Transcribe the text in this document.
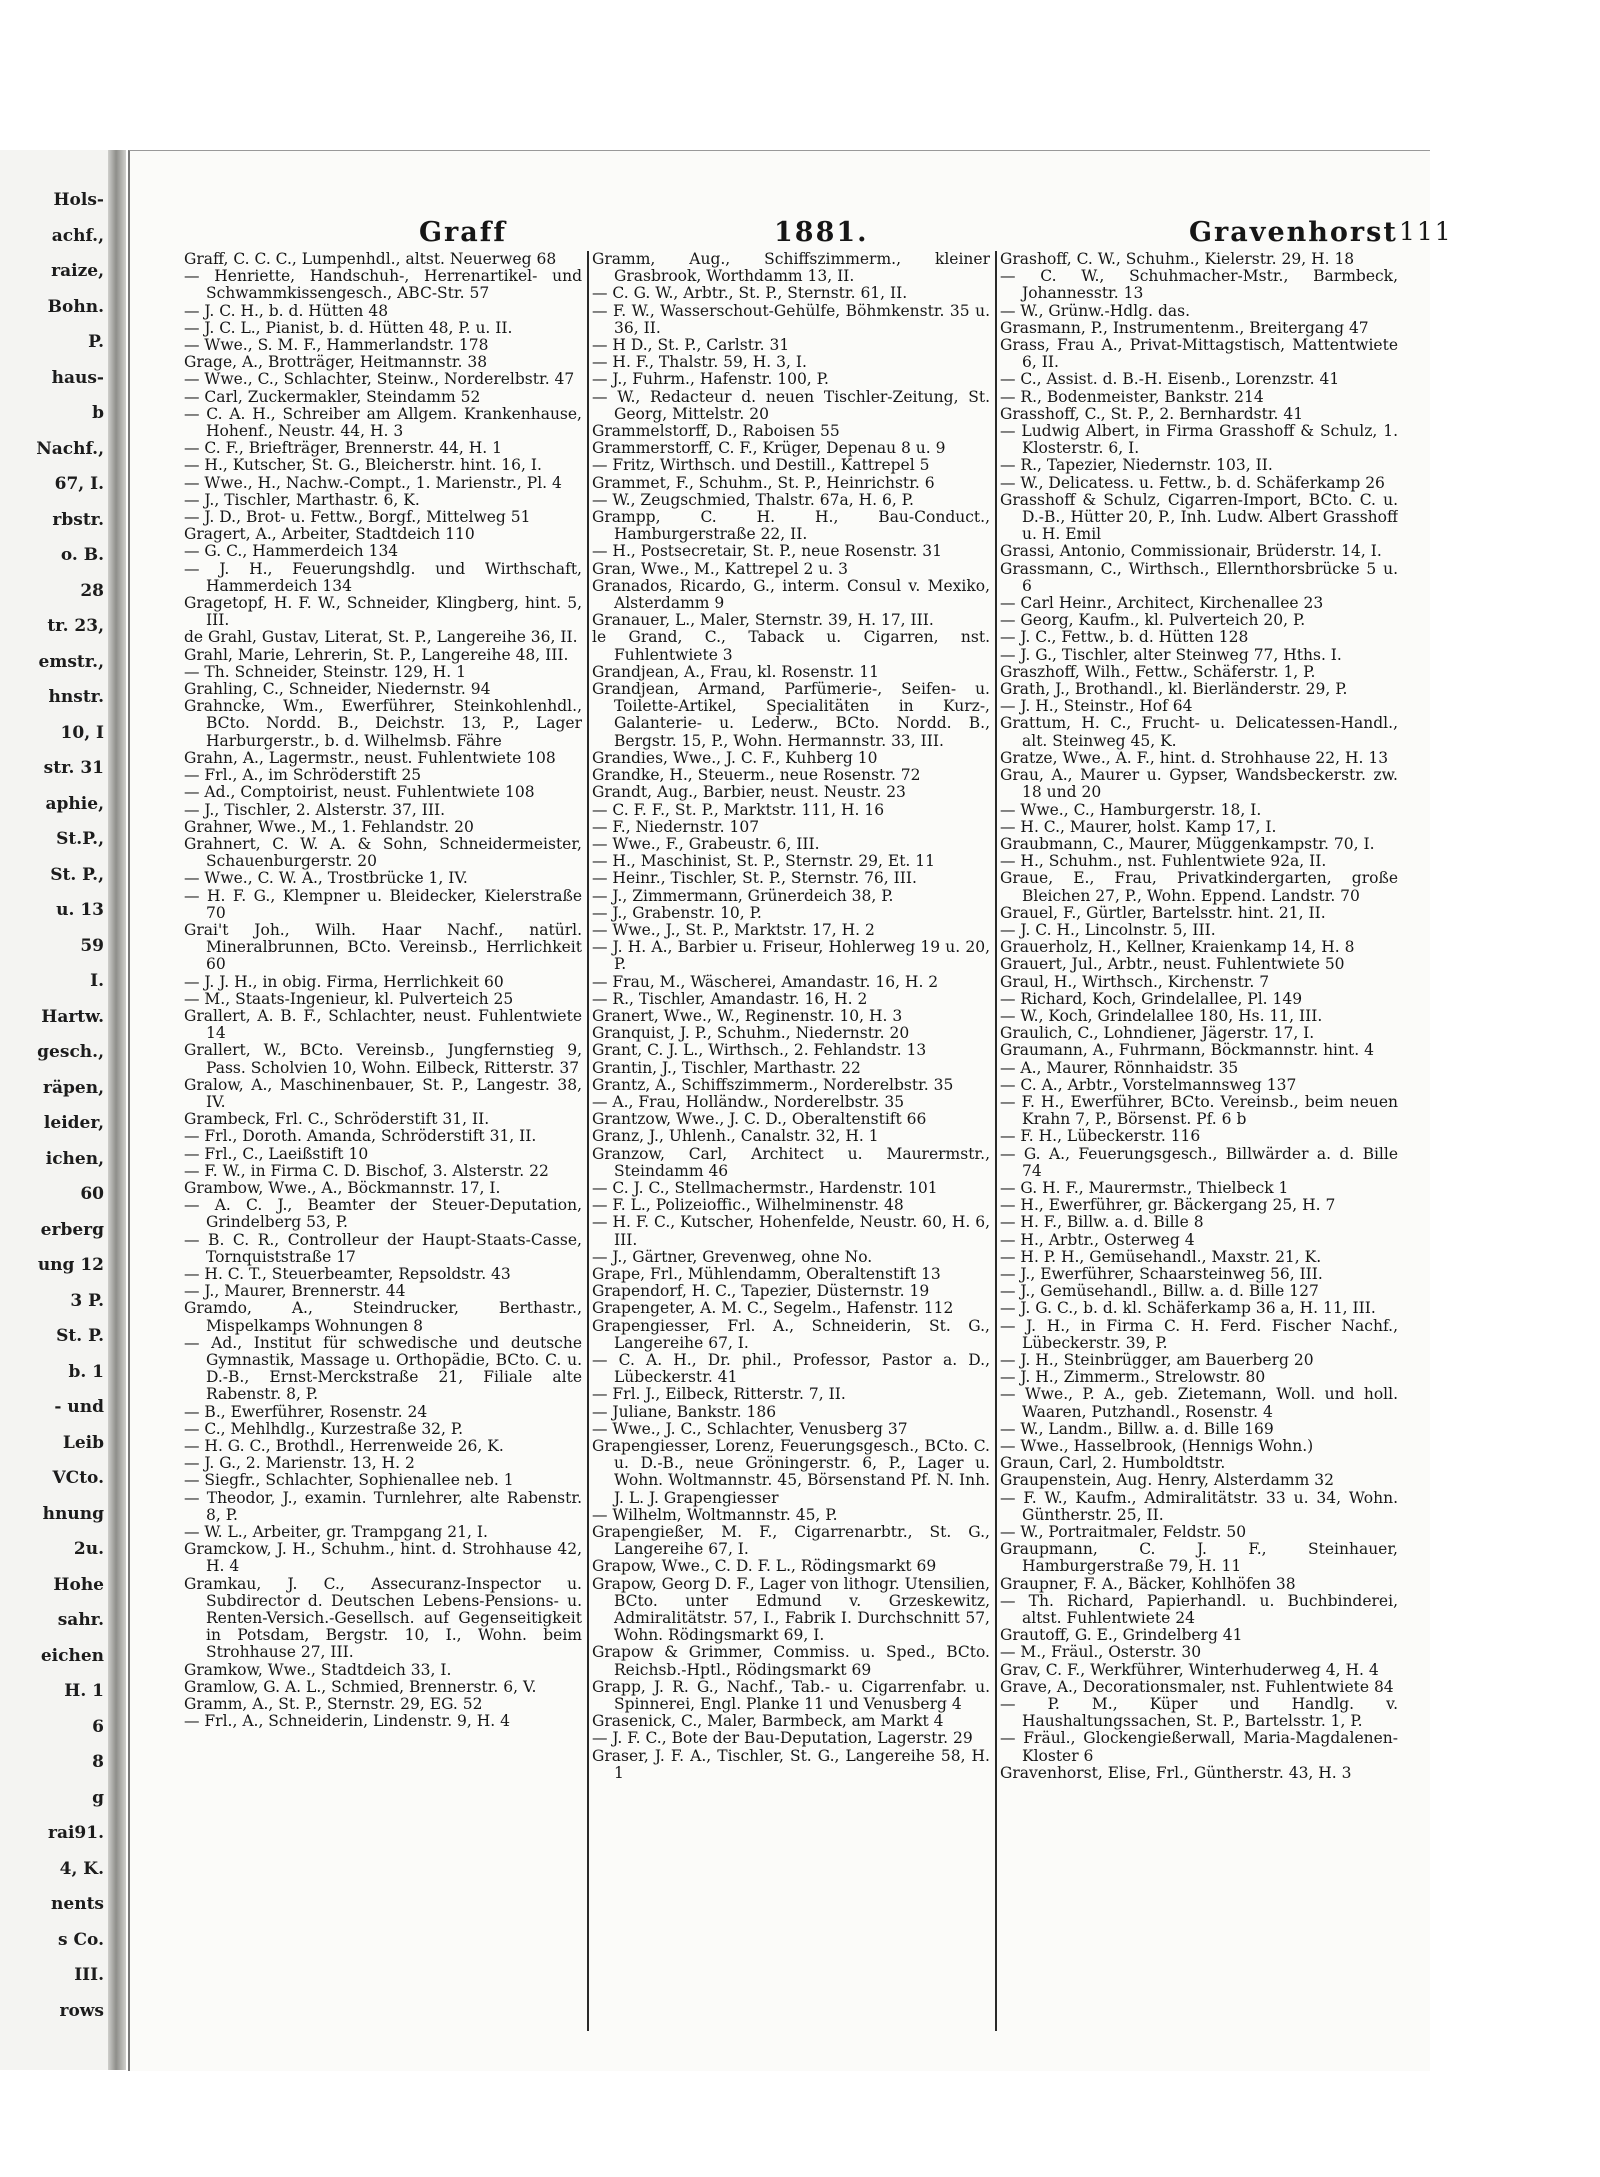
Hols-
achf.,
raize,
Bohn.
P.
haus-
b
Nachf.,
67, I.
rbstr.
o. B.
28
tr. 23,
emstr.,
hnstr.
10, I
str. 31
aphie,
St.P.,
St. P.,
u. 13
59
I.
Hartw.
gesch.,
räpen,
leider,
ichen,
60
erberg
ung 12
3 P.
St. P.
b. 1
- und
Leib
VCto.
hnung
2u.
Hohe
sahr.
eichen
H. 1
6
8
g
rai91.
4, K.
nents
s Co.
III.
rows
Graff	1881.	Gravenhorst 111

Graff, C. C. C., Lumpenhdl., altst. Neuerweg 68

— Henriette, Handschuh-, Herrenartikel- und Schwammkissengesch., ABC-Str. 57

— J. C. H., b. d. Hütten 48

— J. C. L., Pianist, b. d. Hütten 48, P. u. II.

— Wwe., S. M. F., Hammerlandstr. 178

Grage, A., Brotträger, Heitmannstr. 38

— Wwe., C., Schlachter, Steinw., Norderelbstr. 47

— Carl, Zuckermakler, Steindamm 52

— C. A. H., Schreiber am Allgem. Krankenhause, Hohenf., Neustr. 44, H. 3

— C. F., Briefträger, Brennerstr. 44, H. 1

— H., Kutscher, St. G., Bleicherstr. hint. 16, I.

— Wwe., H., Nachw.-Compt., 1. Marienstr., Pl. 4

— J., Tischler, Marthastr. 6, K.

— J. D., Brot- u. Fettw., Borgf., Mittelweg 51

Gragert, A., Arbeiter, Stadtdeich 110

— G. C., Hammerdeich 134

— J. H., Feuerungshdlg. und Wirthschaft, Hammerdeich 134

Gragetopf, H. F. W., Schneider, Klingberg, hint. 5, III.

de Grahl, Gustav, Literat, St. P., Langereihe 36, II.

Grahl, Marie, Lehrerin, St. P., Langereihe 48, III.

— Th. Schneider, Steinstr. 129, H. 1

Grahling, C., Schneider, Niedernstr. 94

Grahncke, Wm., Ewerführer, Steinkohlenhdl., BCto. Nordd. B., Deichstr. 13, P., Lager Harburgerstr., b. d. Wilhelmsb. Fähre

Grahn, A., Lagermstr., neust. Fuhlentwiete 108

— Frl., A., im Schröderstift 25

— Ad., Comptoirist, neust. Fuhlentwiete 108

— J., Tischler, 2. Alsterstr. 37, III.

Grahner, Wwe., M., 1. Fehlandstr. 20

Grahnert, C. W. A. & Sohn, Schneidermeister, Schauenburgerstr. 20

— Wwe., C. W. A., Trostbrücke 1, IV.

— H. F. G., Klempner u. Bleidecker, Kielerstraße 70

Grai't Joh., Wilh. Haar Nachf., natürl. Mineralbrunnen, BCto. Vereinsb., Herrlichkeit 60

— J. J. H., in obig. Firma, Herrlichkeit 60

— M., Staats-Ingenieur, kl. Pulverteich 25

Grallert, A. B. F., Schlachter, neust. Fuhlentwiete 14

Grallert, W., BCto. Vereinsb., Jungfernstieg 9, Pass. Scholvien 10, Wohn. Eilbeck, Ritterstr. 37

Gralow, A., Maschinenbauer, St. P., Langestr. 38, IV.

Grambeck, Frl. C., Schröderstift 31, II.

— Frl., Doroth. Amanda, Schröderstift 31, II.

— Frl., C., Laeißstift 10

— F. W., in Firma C. D. Bischof, 3. Alsterstr. 22

Grambow, Wwe., A., Böckmannstr. 17, I.

— A. C. J., Beamter der Steuer-Deputation, Grindelberg 53, P.

— B. C. R., Controlleur der Haupt-Staats-Casse, Tornquiststraße 17

— H. C. T., Steuerbeamter, Repsoldstr. 43

— J., Maurer, Brennerstr. 44

Gramdo, A., Steindrucker, Berthastr., Mispelkamps Wohnungen 8

— Ad., Institut für schwedische und deutsche Gymnastik, Massage u. Orthopädie, BCto. C. u. D.-B., Ernst-Merckstraße 21, Filiale alte Rabenstr. 8, P.

— B., Ewerführer, Rosenstr. 24

— C., Mehlhdlg., Kurzestraße 32, P.

— H. G. C., Brothdl., Herrenweide 26, K.

— J. G., 2. Marienstr. 13, H. 2

— Siegfr., Schlachter, Sophienallee neb. 1

— Theodor, J., examin. Turnlehrer, alte Rabenstr. 8, P.

— W. L., Arbeiter, gr. Trampgang 21, I.

Gramckow, J. H., Schuhm., hint. d. Strohhause 42, H. 4

Gramkau, J. C., Assecuranz-Inspector u. Subdirector d. Deutschen Lebens-Pensions- u. Renten-Versich.-Gesellsch. auf Gegenseitigkeit in Potsdam, Bergstr. 10, I., Wohn. beim Strohhause 27, III.

Gramkow, Wwe., Stadtdeich 33, I.

Gramlow, G. A. L., Schmied, Brennerstr. 6, V.

Gramm, A., St. P., Sternstr. 29, EG. 52

— Frl., A., Schneiderin, Lindenstr. 9, H. 4

Gramm, Aug., Schiffszimmerm., kleiner Grasbrook, Worthdamm 13, II.

— C. G. W., Arbtr., St. P., Sternstr. 61, II.

— F. W., Wasserschout-Gehülfe, Böhmkenstr. 35 u. 36, II.

— H D., St. P., Carlstr. 31

— H. F., Thalstr. 59, H. 3, I.

— J., Fuhrm., Hafenstr. 100, P.

— W., Redacteur d. neuen Tischler-Zeitung, St. Georg, Mittelstr. 20

Grammelstorff, D., Raboisen 55

Grammerstorff, C. F., Krüger, Depenau 8 u. 9

— Fritz, Wirthsch. und Destill., Kattrepel 5

Grammet, F., Schuhm., St. P., Heinrichstr. 6

— W., Zeugschmied, Thalstr. 67a, H. 6, P.

Grampp, C. H. H., Bau-Conduct., Hamburgerstraße 22, II.

— H., Postsecretair, St. P., neue Rosenstr. 31

Gran, Wwe., M., Kattrepel 2 u. 3

Granados, Ricardo, G., interm. Consul v. Mexiko, Alsterdamm 9

Granauer, L., Maler, Sternstr. 39, H. 17, III.

le Grand, C., Taback u. Cigarren, nst. Fuhlentwiete 3

Grandjean, A., Frau, kl. Rosenstr. 11

Grandjean, Armand, Parfümerie-, Seifen- u. Toilette-Artikel, Specialitäten in Kurz-, Galanterie- u. Lederw., BCto. Nordd. B., Bergstr. 15, P., Wohn. Hermannstr. 33, III.

Grandies, Wwe., J. C. F., Kuhberg 10

Grandke, H., Steuerm., neue Rosenstr. 72

Grandt, Aug., Barbier, neust. Neustr. 23

— C. F. F., St. P., Marktstr. 111, H. 16

— F., Niedernstr. 107

— Wwe., F., Grabeustr. 6, III.

— H., Maschinist, St. P., Sternstr. 29, Et. 11

— Heinr., Tischler, St. P., Sternstr. 76, III.

— J., Zimmermann, Grünerdeich 38, P.

— J., Grabenstr. 10, P.

— Wwe., J., St. P., Marktstr. 17, H. 2

— J. H. A., Barbier u. Friseur, Hohlerweg 19 u. 20, P.

— Frau, M., Wäscherei, Amandastr. 16, H. 2

— R., Tischler, Amandastr. 16, H. 2

Granert, Wwe., W., Reginenstr. 10, H. 3

Granquist, J. P., Schuhm., Niedernstr. 20

Grant, C. J. L., Wirthsch., 2. Fehlandstr. 13

Grantin, J., Tischler, Marthastr. 22

Grantz, A., Schiffszimmerm., Norderelbstr. 35

— A., Frau, Holländw., Norderelbstr. 35

Grantzow, Wwe., J. C. D., Oberaltenstift 66

Granz, J., Uhlenh., Canalstr. 32, H. 1

Granzow, Carl, Architect u. Maurermstr., Steindamm 46

— C. J. C., Stellmachermstr., Hardenstr. 101

— F. L., Polizeioffic., Wilhelminenstr. 48

— H. F. C., Kutscher, Hohenfelde, Neustr. 60, H. 6, III.

— J., Gärtner, Grevenweg, ohne No.

Grape, Frl., Mühlendamm, Oberaltenstift 13

Grapendorf, H. C., Tapezier, Düsternstr. 19

Grapengeter, A. M. C., Segelm., Hafenstr. 112

Grapengiesser, Frl. A., Schneiderin, St. G., Langereihe 67, I.

— C. A. H., Dr. phil., Professor, Pastor a. D., Lübeckerstr. 41

— Frl. J., Eilbeck, Ritterstr. 7, II.

— Juliane, Bankstr. 186

— Wwe., J. C., Schlachter, Venusberg 37

Grapengiesser, Lorenz, Feuerungsgesch., BCto. C. u. D.-B., neue Gröningerstr. 6, P., Lager u. Wohn. Woltmannstr. 45, Börsenstand Pf. N. Inh. J. L. J. Grapengiesser

— Wilhelm, Woltmannstr. 45, P.

Grapengießer, M. F., Cigarrenarbtr., St. G., Langereihe 67, I.

Grapow, Wwe., C. D. F. L., Rödingsmarkt 69

Grapow, Georg D. F., Lager von lithogr. Utensilien, BCto. unter Edmund v. Grzeskewitz, Admiralitätstr. 57, I., Fabrik I. Durchschnitt 57, Wohn. Rödingsmarkt 69, I.

Grapow & Grimmer, Commiss. u. Sped., BCto. Reichsb.-Hptl., Rödingsmarkt 69

Grapp, J. R. G., Nachf., Tab.- u. Cigarrenfabr. u. Spinnerei, Engl. Planke 11 und Venusberg 4

Grasenick, C., Maler, Barmbeck, am Markt 4

— J. F. C., Bote der Bau-Deputation, Lagerstr. 29

Graser, J. F. A., Tischler, St. G., Langereihe 58, H. 1

Grashoff, C. W., Schuhm., Kielerstr. 29, H. 18

— C. W., Schuhmacher-Mstr., Barmbeck, Johannesstr. 13

— W., Grünw.-Hdlg. das.

Grasmann, P., Instrumentenm., Breitergang 47

Grass, Frau A., Privat-Mittagstisch, Mattentwiete 6, II.

— C., Assist. d. B.-H. Eisenb., Lorenzstr. 41

— R., Bodenmeister, Bankstr. 214

Grasshoff, C., St. P., 2. Bernhardstr. 41

— Ludwig Albert, in Firma Grasshoff & Schulz, 1. Klosterstr. 6, I.

— R., Tapezier, Niedernstr. 103, II.

— W., Delicatess. u. Fettw., b. d. Schäferkamp 26

Grasshoff & Schulz, Cigarren-Import, BCto. C. u. D.-B., Hütter 20, P., Inh. Ludw. Albert Grasshoff u. H. Emil

Grassi, Antonio, Commissionair, Brüderstr. 14, I.

Grassmann, C., Wirthsch., Ellernthorsbrücke 5 u. 6

— Carl Heinr., Architect, Kirchenallee 23

— Georg, Kaufm., kl. Pulverteich 20, P.

— J. C., Fettw., b. d. Hütten 128

— J. G., Tischler, alter Steinweg 77, Hths. I.

Graszhoff, Wilh., Fettw., Schäferstr. 1, P.

Grath, J., Brothandl., kl. Bierländerstr. 29, P.

— J. H., Steinstr., Hof 64

Grattum, H. C., Frucht- u. Delicatessen-Handl., alt. Steinweg 45, K.

Gratze, Wwe., A. F., hint. d. Strohhause 22, H. 13

Grau, A., Maurer u. Gypser, Wandsbeckerstr. zw. 18 und 20

— Wwe., C., Hamburgerstr. 18, I.

— H. C., Maurer, holst. Kamp 17, I.

Graubmann, C., Maurer, Müggenkampstr. 70, I.

— H., Schuhm., nst. Fuhlentwiete 92a, II.

Graue, E., Frau, Privatkindergarten, große Bleichen 27, P., Wohn. Eppend. Landstr. 70

Grauel, F., Gürtler, Bartelsstr. hint. 21, II.

— J. C. H., Lincolnstr. 5, III.

Grauerholz, H., Kellner, Kraienkamp 14, H. 8

Grauert, Jul., Arbtr., neust. Fuhlentwiete 50

Graul, H., Wirthsch., Kirchenstr. 7

— Richard, Koch, Grindelallee, Pl. 149

— W., Koch, Grindelallee 180, Hs. 11, III.

Graulich, C., Lohndiener, Jägerstr. 17, I.

Graumann, A., Fuhrmann, Böckmannstr. hint. 4

— A., Maurer, Rönnhaidstr. 35

— C. A., Arbtr., Vorstelmannsweg 137

— F. H., Ewerführer, BCto. Vereinsb., beim neuen Krahn 7, P., Börsenst. Pf. 6 b

— F. H., Lübeckerstr. 116

— G. A., Feuerungsgesch., Billwärder a. d. Bille 74

— G. H. F., Maurermstr., Thielbeck 1

— H., Ewerführer, gr. Bäckergang 25, H. 7

— H. F., Billw. a. d. Bille 8

— H., Arbtr., Osterweg 4

— H. P. H., Gemüsehandl., Maxstr. 21, K.

— J., Ewerführer, Schaarsteinweg 56, III.

— J., Gemüsehandl., Billw. a. d. Bille 127

— J. G. C., b. d. kl. Schäferkamp 36 a, H. 11, III.

— J. H., in Firma C. H. Ferd. Fischer Nachf., Lübeckerstr. 39, P.

— J. H., Steinbrügger, am Bauerberg 20

— J. H., Zimmerm., Strelowstr. 80

— Wwe., P. A., geb. Zietemann, Woll. und holl. Waaren, Putzhandl., Rosenstr. 4

— W., Landm., Billw. a. d. Bille 169

— Wwe., Hasselbrook, (Hennigs Wohn.)

Graun, Carl, 2. Humboldtstr.

Graupenstein, Aug. Henry, Alsterdamm 32

— F. W., Kaufm., Admiralitätstr. 33 u. 34, Wohn. Güntherstr. 25, II.

— W., Portraitmaler, Feldstr. 50

Graupmann, C. J. F., Steinhauer, Hamburgerstraße 79, H. 11

Graupner, F. A., Bäcker, Kohlhöfen 38

— Th. Richard, Papierhandl. u. Buchbinderei, altst. Fuhlentwiete 24

Grautoff, G. E., Grindelberg 41

— M., Fräul., Osterstr. 30

Grav, C. F., Werkführer, Winterhuderweg 4, H. 4

Grave, A., Decorationsmaler, nst. Fuhlentwiete 84

— P. M., Küper und Handlg. v. Haushaltungssachen, St. P., Bartelsstr. 1, P.

— Fräul., Glockengießerwall, Maria-Magdalenen-Kloster 6

Gravenhorst, Elise, Frl., Güntherstr. 43, H. 3
